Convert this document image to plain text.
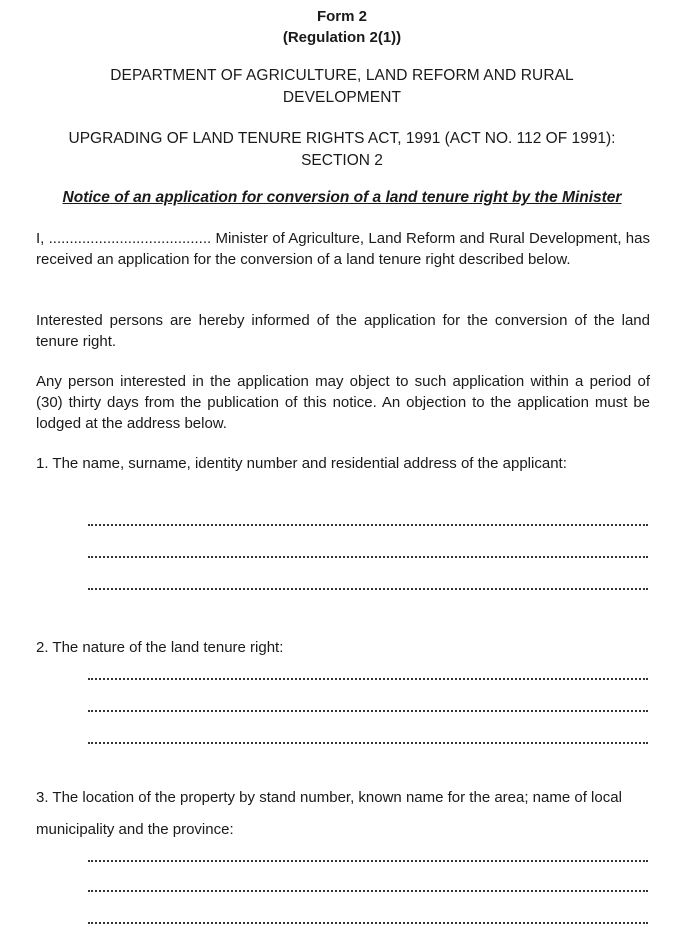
Form 2
(Regulation 2(1))
DEPARTMENT OF AGRICULTURE, LAND REFORM AND RURAL
DEVELOPMENT
UPGRADING OF LAND TENURE RIGHTS ACT, 1991 (ACT NO. 112 OF 1991):
SECTION 2
Notice of an application for conversion of a land tenure right by the Minister
I, ....................................... Minister of Agriculture, Land Reform and Rural Development, has received an application for the conversion of a land tenure right described below.
Interested persons are hereby informed of the application for the conversion of the land tenure right.
Any person interested in the application may object to such application within a period of (30) thirty days from the publication of this notice. An objection to the application must be lodged at the address below.
1. The name, surname, identity number and residential address of the applicant:
2. The nature of the land tenure right:
3. The location of the property by stand number, known name for the area; name of local municipality and the province:
